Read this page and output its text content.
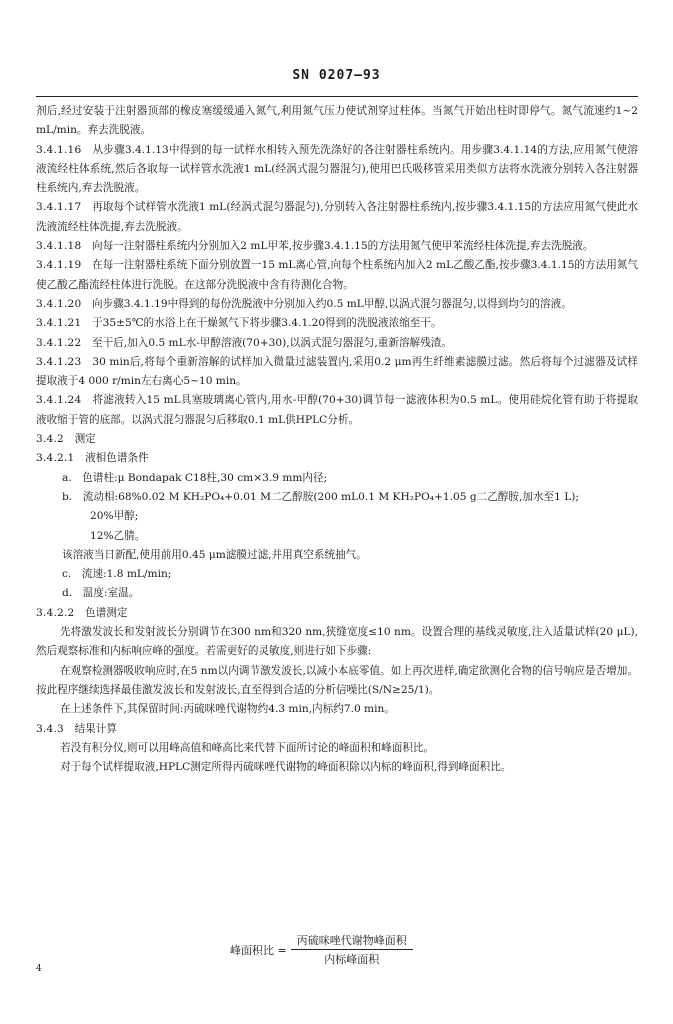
SN 0207—93

剂后,经过安装于注射器顶部的橡皮塞缓缓通入氮气,利用氮气压力使试剂穿过柱体。当氮气开始出柱时即停气。氮气流速约1~2 mL/min。弃去洗脱液。

3.4.1.16　 从步骤3.4.1.13中得到的每一试样水相转入预先洗涤好的各注射器柱系统内。用步骤3.4.1.14的方法,应用氮气使溶液流经柱体系统,然后各取每一试样管水洗液1 mL(经涡式混匀器混匀),使用巴氏吸移管采用类似方法将水洗液分别转入各注射器柱系统内,弃去洗脱液。

3.4.1.17　 再取每个试样管水洗液1 mL(经涡式混匀器混匀),分别转入各注射器柱系统内,按步骤3.4.1.15的方法应用氮气使此水洗液流经柱体洗提,弃去洗脱液。

3.4.1.18　 向每一注射器柱系统内分别加入2 mL甲苯,按步骤3.4.1.15的方法用氮气使甲苯流经柱体洗提,弃去洗脱液。

3.4.1.19　 在每一注射器柱系统下面分别放置一15 mL离心管,向每个柱系统内加入2 mL乙酸乙酯,按步骤3.4.1.15的方法用氮气使乙酸乙酯流经柱体进行洗脱。在这部分洗脱液中含有待测化合物。

3.4.1.20　 向步骤3.4.1.19中得到的每份洗脱液中分别加入约0.5 mL甲醇,以涡式混匀器混匀,以得到均匀的溶液。

3.4.1.21　 于35±5℃的水浴上在干燥氮气下将步骤3.4.1.20得到的洗脱液浓缩至干。

3.4.1.22　 至干后,加入0.5 mL水-甲醇溶液(70+30),以涡式混匀器混匀,重新溶解残渣。

3.4.1.23　 30 min后,将每个重新溶解的试样加入微量过滤装置内,采用0.2 μm再生纤维素滤膜过滤。然后将每个过滤器及试样提取液于4 000 r/min左右离心5~10 min。

3.4.1.24　 将滤液转入15 mL具塞玻璃离心管内,用水-甲醇(70+30)调节每一滤液体积为0.5 mL。使用硅烷化管有助于将提取液收缩于管的底部。以涡式混匀器混匀后移取0.1 mL供HPLC分析。

3.4.2　 测定

3.4.2.1　 液相色谱条件

a.　 色谱柱:μ Bondapak C18柱,30 cm×3.9 mm内径;

b.　 流动相:68%0.02 M KH₂PO₄+0.01 M二乙醇胺(200 mL0.1 M KH₂PO₄+1.05 g二乙醇胺,加水至1 L);

20%甲醇;

12%乙腈。

该溶液当日新配,使用前用0.45 μm滤膜过滤,并用真空系统抽气。

c.　 流速:1.8 mL/min;

d.　 温度:室温。

3.4.2.2　 色谱测定

先将激发波长和发射波长分别调节在300 nm和320 nm,狭缝宽度≤10 nm。设置合理的基线灵敏度,注入适量试样(20 μL),然后观察标准和内标响应峰的强度。若需更好的灵敏度,则进行如下步骤:

在观察检测器吸收响应时,在5 nm以内调节激发波长,以减小本底零值。如上再次进样,确定欲测化合物的信号响应是否增加。按此程序继续选择最佳激发波长和发射波长,直至得到合适的分析信噪比(S/N≥25/1)。

在上述条件下,其保留时间:丙硫咪唑代谢物约4.3 min,内标约7.0 min。

3.4.3　 结果计算

若没有积分仪,则可以用峰高值和峰高比来代替下面所讨论的峰面积和峰面积比。

对于每个试样提取液,HPLC测定所得丙硫咪唑代谢物的峰面积除以内标的峰面积,得到峰面积比。

峰面积比 = $\frac{\text{丙硫咪唑代谢物峰面积}}{\text{内标峰面积}}$
4
